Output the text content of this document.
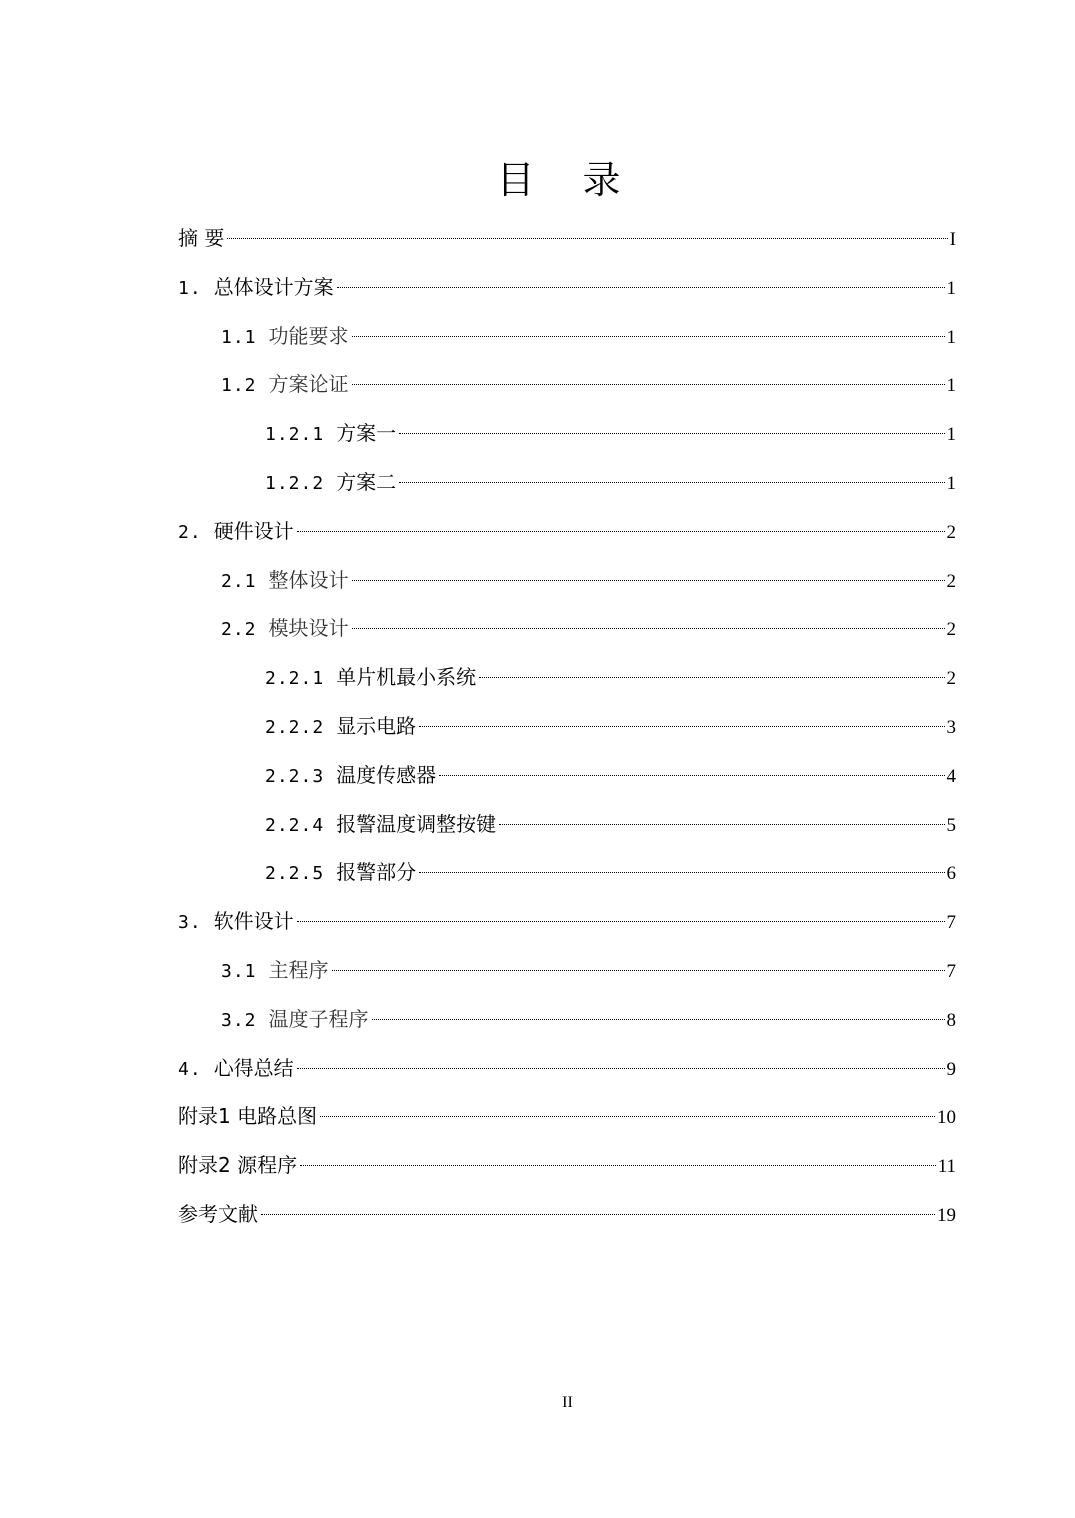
目 录
摘 要	I
1. 总体设计方案	1
1.1 功能要求	1
1.2 方案论证	1
1.2.1 方案一	1
1.2.2 方案二	1
2. 硬件设计	2
2.1 整体设计	2
2.2 模块设计	2
2.2.1 单片机最小系统	2
2.2.2 显示电路	3
2.2.3 温度传感器	4
2.2.4 报警温度调整按键	5
2.2.5 报警部分	6
3. 软件设计	7
3.1 主程序	7
3.2 温度子程序	8
4. 心得总结	9
附录1 电路总图	10
附录2 源程序	11
参考文献	19
II
